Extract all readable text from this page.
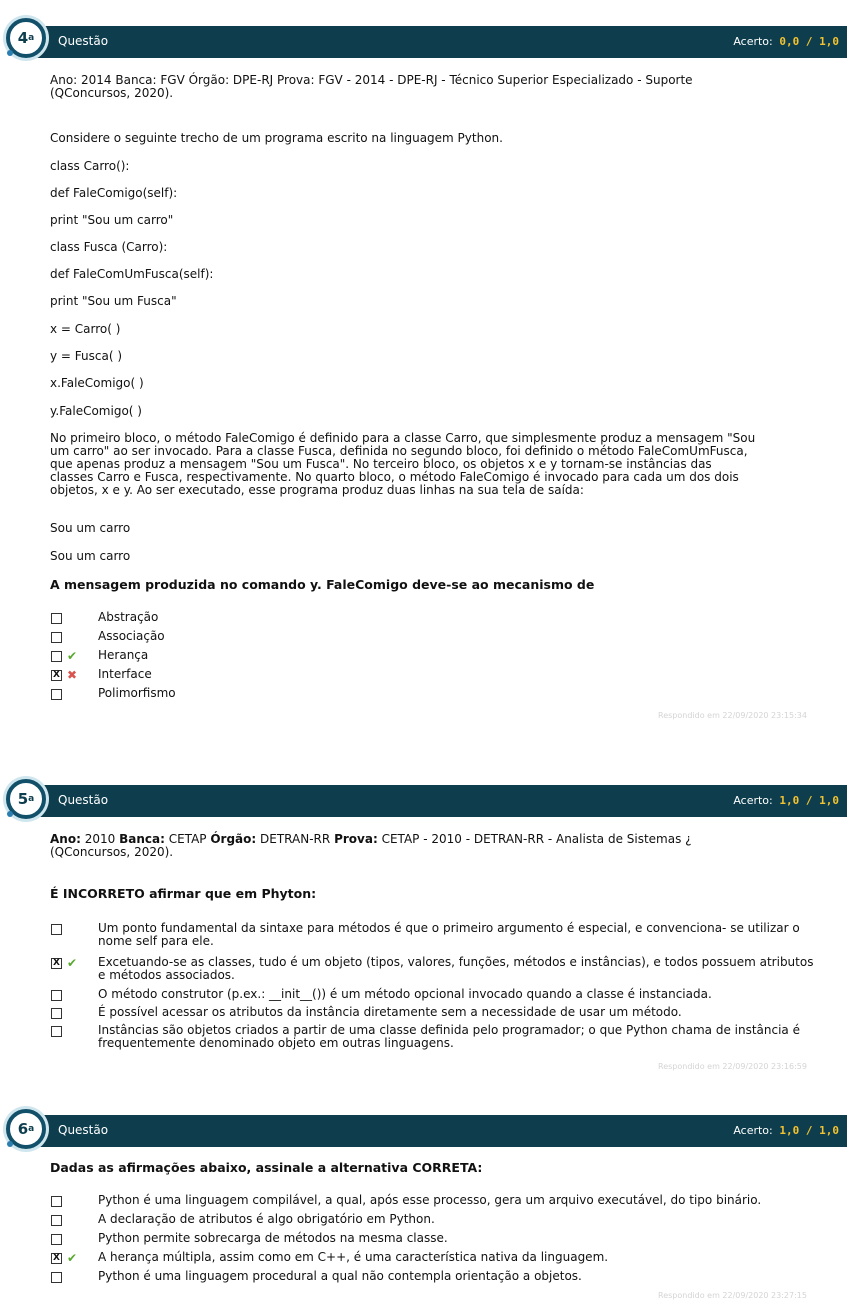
Questão	Acerto: 0,0 / 1,0
4 a
Ano: 2014 Banca: FGV Órgão: DPE-RJ Prova: FGV - 2014 - DPE-RJ - Técnico Superior Especializado - Suporte
(QConcursos, 2020).
Considere o seguinte trecho de um programa escrito na linguagem Python.
class Carro():
def FaleComigo(self):
print "Sou um carro"
class Fusca (Carro):
def FaleComUmFusca(self):
print "Sou um Fusca"
x = Carro( )
y = Fusca( )
x.FaleComigo( )
y.FaleComigo( )
No primeiro bloco, o método FaleComigo é definido para a classe Carro, que simplesmente produz a mensagem "Sou
um carro" ao ser invocado. Para a classe Fusca, definida no segundo bloco, foi definido o método FaleComUmFusca,
que apenas produz a mensagem "Sou um Fusca". No terceiro bloco, os objetos x e y tornam-se instâncias das
classes Carro e Fusca, respectivamente. No quarto bloco, o método FaleComigo é invocado para cada um dos dois
objetos, x e y. Ao ser executado, esse programa produz duas linhas na sua tela de saída:
Sou um carro
Sou um carro
A mensagem produzida no comando y. FaleComigo deve-se ao mecanismo de
Abstração
Associação
✔ Herança
X ✖ Interface
Polimorfismo
Respondido em 22/09/2020 23:15:34
Questão	Acerto: 1,0 / 1,0
5 a
Ano: 2010 Banca: CETAP Órgão: DETRAN-RR Prova: CETAP - 2010 - DETRAN-RR - Analista de Sistemas ¿
(QConcursos, 2020).
É INCORRETO afirmar que em Phyton:
Um ponto fundamental da sintaxe para métodos é que o primeiro argumento é especial, e convenciona- se utilizar o nome self para ele.
X ✔ Excetuando-se as classes, tudo é um objeto (tipos, valores, funções, métodos e instâncias), e todos possuem atributos e métodos associados.
O método construtor (p.ex.: __init__()) é um método opcional invocado quando a classe é instanciada.
É possível acessar os atributos da instância diretamente sem a necessidade de usar um método.
Instâncias são objetos criados a partir de uma classe definida pelo programador; o que Python chama de instância é frequentemente denominado objeto em outras linguagens.
Respondido em 22/09/2020 23:16:59
Questão	Acerto: 1,0 / 1,0
6 a
Dadas as afirmações abaixo, assinale a alternativa CORRETA:
Python é uma linguagem compilável, a qual, após esse processo, gera um arquivo executável, do tipo binário.
A declaração de atributos é algo obrigatório em Python.
Python permite sobrecarga de métodos na mesma classe.
X ✔ A herança múltipla, assim como em C++, é uma característica nativa da linguagem.
Python é uma linguagem procedural a qual não contempla orientação a objetos.
Respondido em 22/09/2020 23:27:15
